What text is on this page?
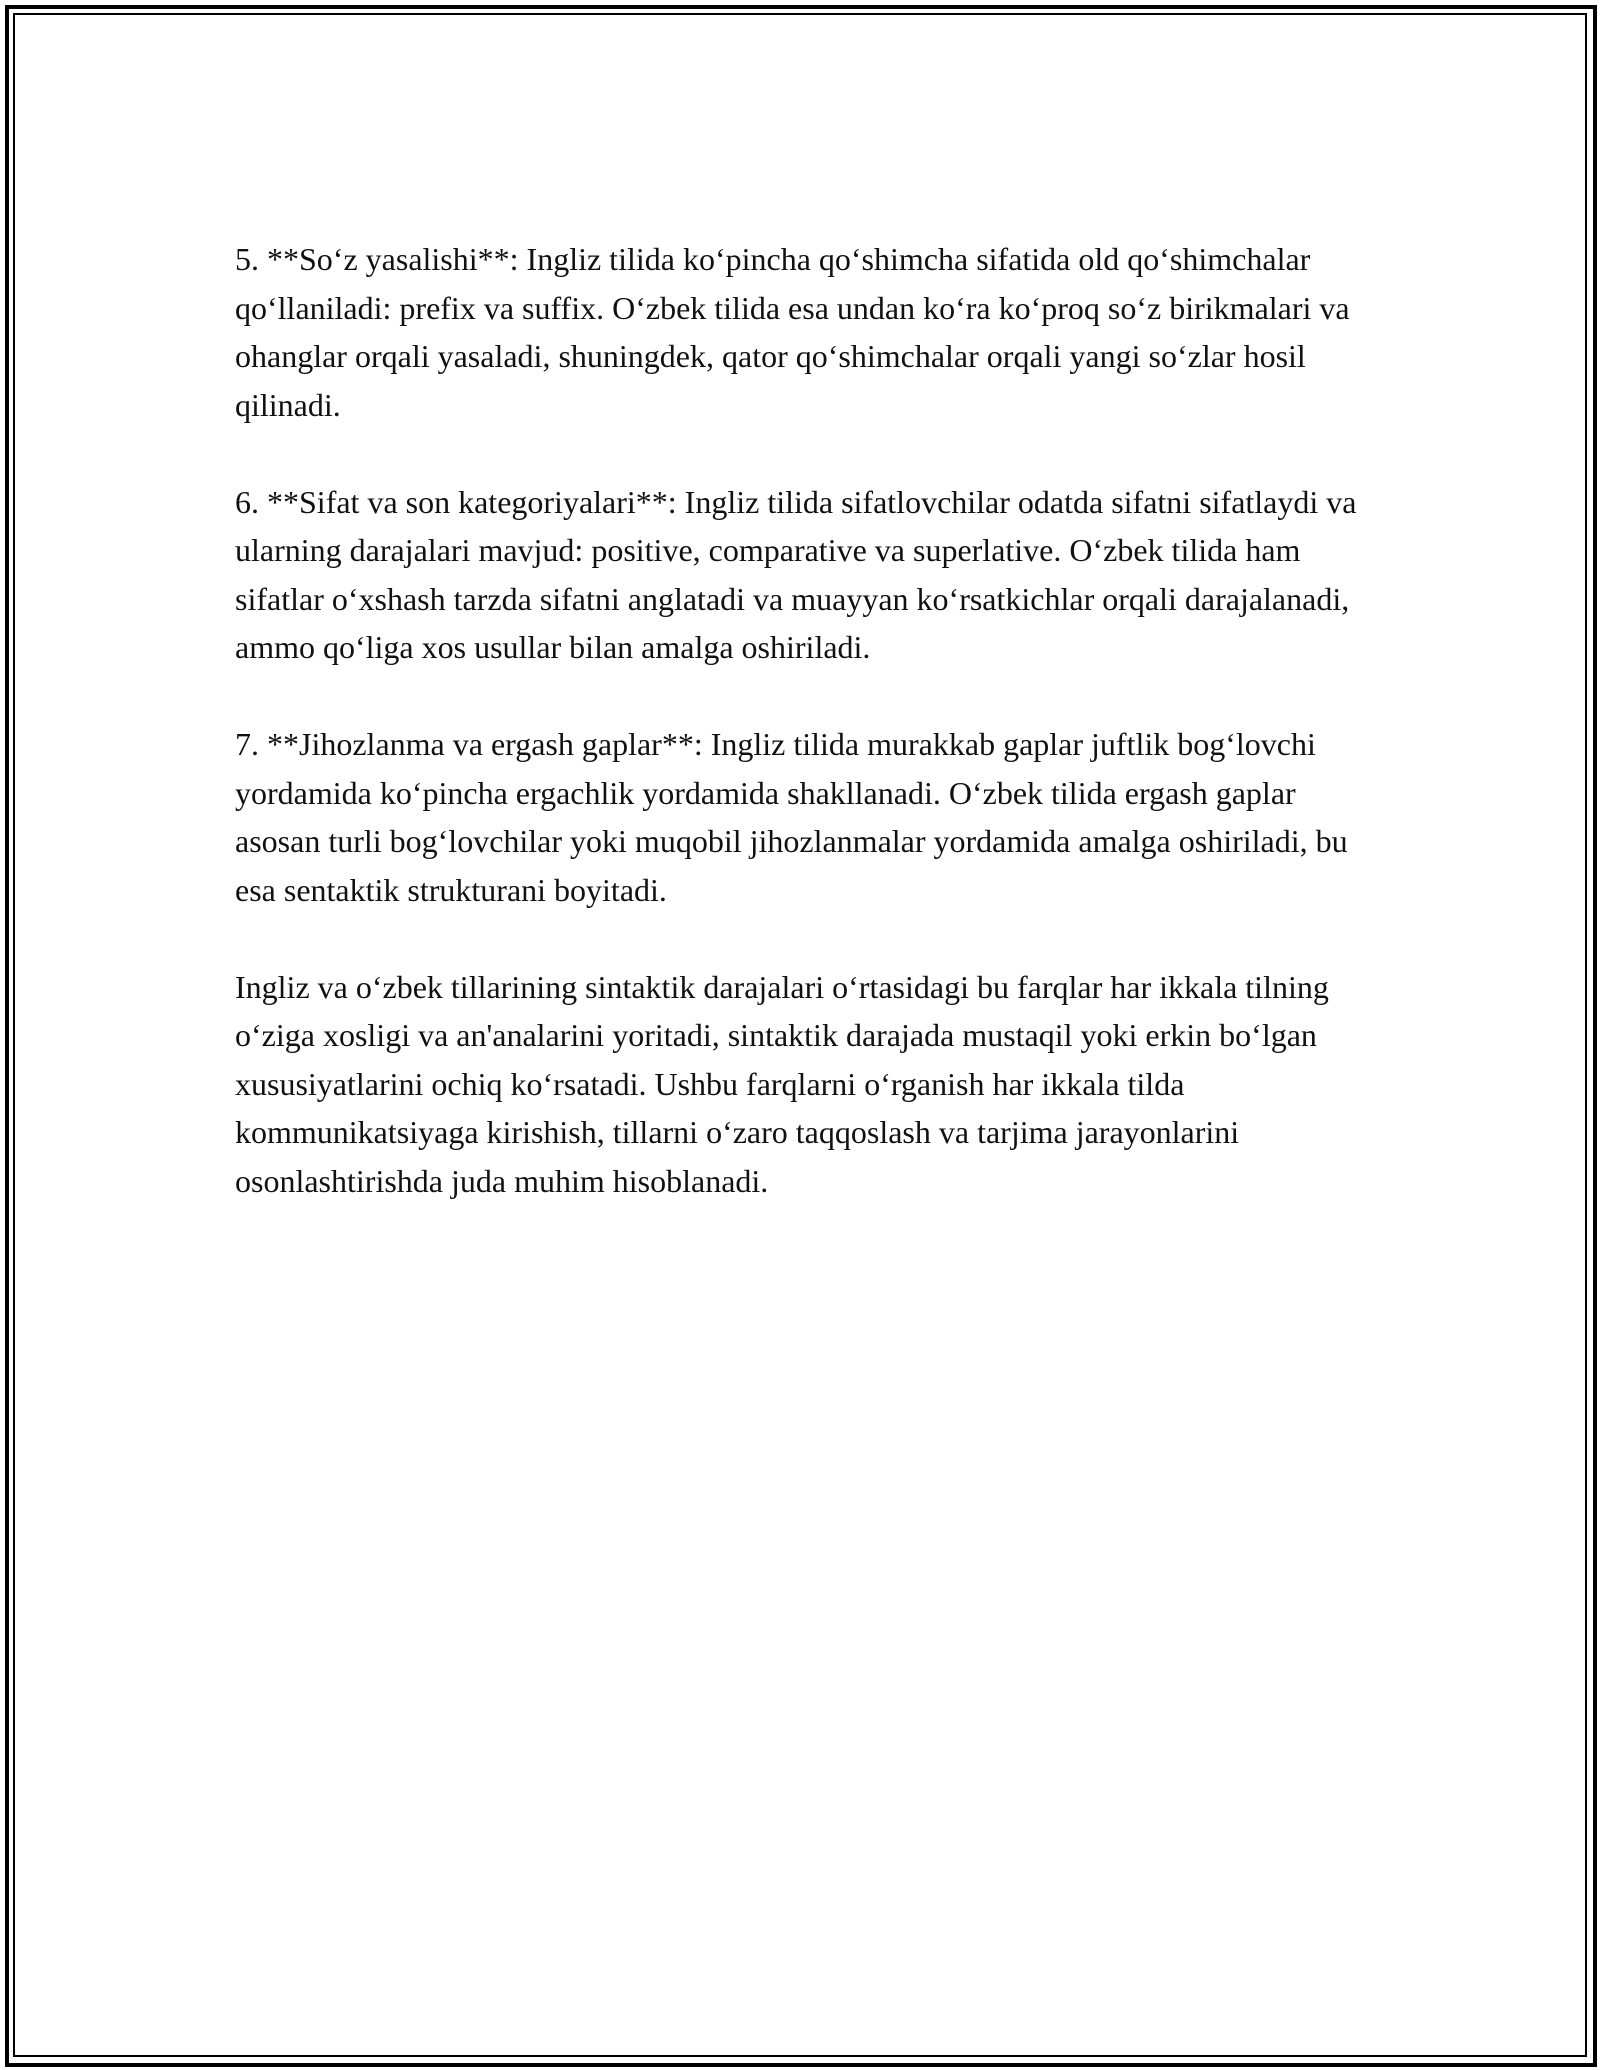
5. **So‘z yasalishi**: Ingliz tilida ko‘pincha qo‘shimcha sifatida old qo‘shimchalar qo‘llaniladi: prefix va suffix. O‘zbek tilida esa undan ko‘ra ko‘proq so‘z birikmalari va ohanglar orqali yasaladi, shuningdek, qator qo‘shimchalar orqali yangi so‘zlar hosil qilinadi.

6. **Sifat va son kategoriyalari**: Ingliz tilida sifatlovchilar odatda sifatni sifatlaydi va ularning darajalari mavjud: positive, comparative va superlative. O‘zbek tilida ham sifatlar o‘xshash tarzda sifatni anglatadi va muayyan ko‘rsatkichlar orqali darajalanadi, ammo qo‘liga xos usullar bilan amalga oshiriladi.

7. **Jihozlanma va ergash gaplar**: Ingliz tilida murakkab gaplar juftlik bog‘lovchi yordamida ko‘pincha ergachlik yordamida shakllanadi. O‘zbek tilida ergash gaplar asosan turli bog‘lovchilar yoki muqobil jihozlanmalar yordamida amalga oshiriladi, bu esa sentaktik strukturani boyitadi.

Ingliz va o‘zbek tillarining sintaktik darajalari o‘rtasidagi bu farqlar har ikkala tilning o‘ziga xosligi va an'analarini yoritadi, sintaktik darajada mustaqil yoki erkin bo‘lgan xususiyatlarini ochiq ko‘rsatadi. Ushbu farqlarni o‘rganish har ikkala tilda kommunikatsiyaga kirishish, tillarni o‘zaro taqqoslash va tarjima jarayonlarini osonlashtirishda juda muhim hisoblanadi.
